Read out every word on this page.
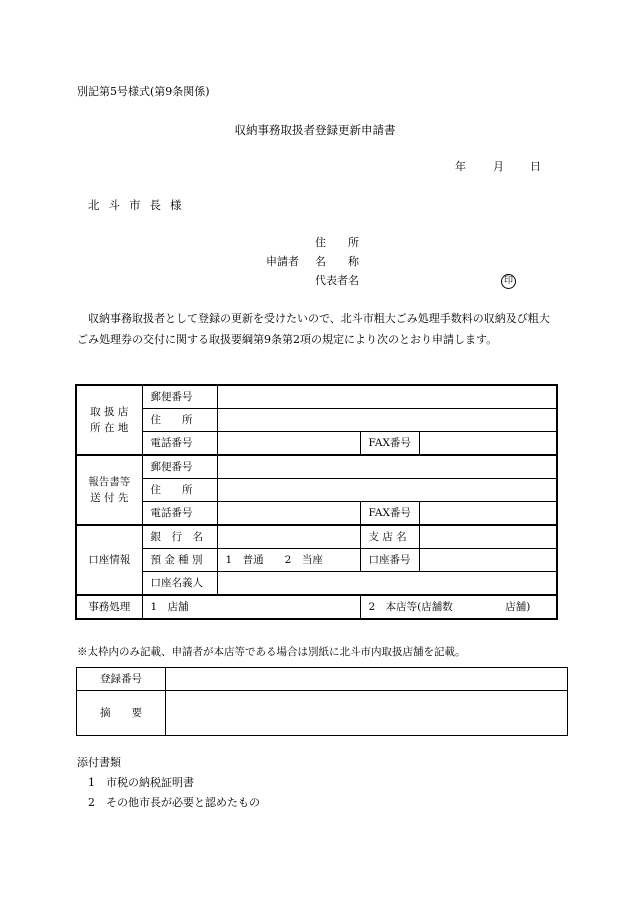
別記第5号様式(第9条関係)
収納事務取扱者登録更新申請書
年 月 日
北斗市長様
住　　所
申請者 名　　称
代表者名	印
収納事務取扱者として登録の更新を受けたいので、北斗市粗大ごみ処理手数料の収納及び粗大ごみ処理券の交付に関する取扱要綱第9条第2項の規定により次のとおり申請します。
取 扱 店
所 在 地	郵便番号			
	住　　所			
	電話番号		FAX番号	
報告書等
送 付 先	郵便番号			
	住　　所			
	電話番号		FAX番号	
口座情報	銀　行　名		支 店 名	
	預 金 種 別	1　普通　　2　当座	口座番号	
	口座名義人			
事務処理	1　店舗		2　本店等(店舗数　　　　　店舗)	
※太枠内のみ記載、申請者が本店等である場合は別紙に北斗市内取扱店舗を記載。
登録番号	
摘　　要	
添付書類
1　市税の納税証明書
2　その他市長が必要と認めたもの
